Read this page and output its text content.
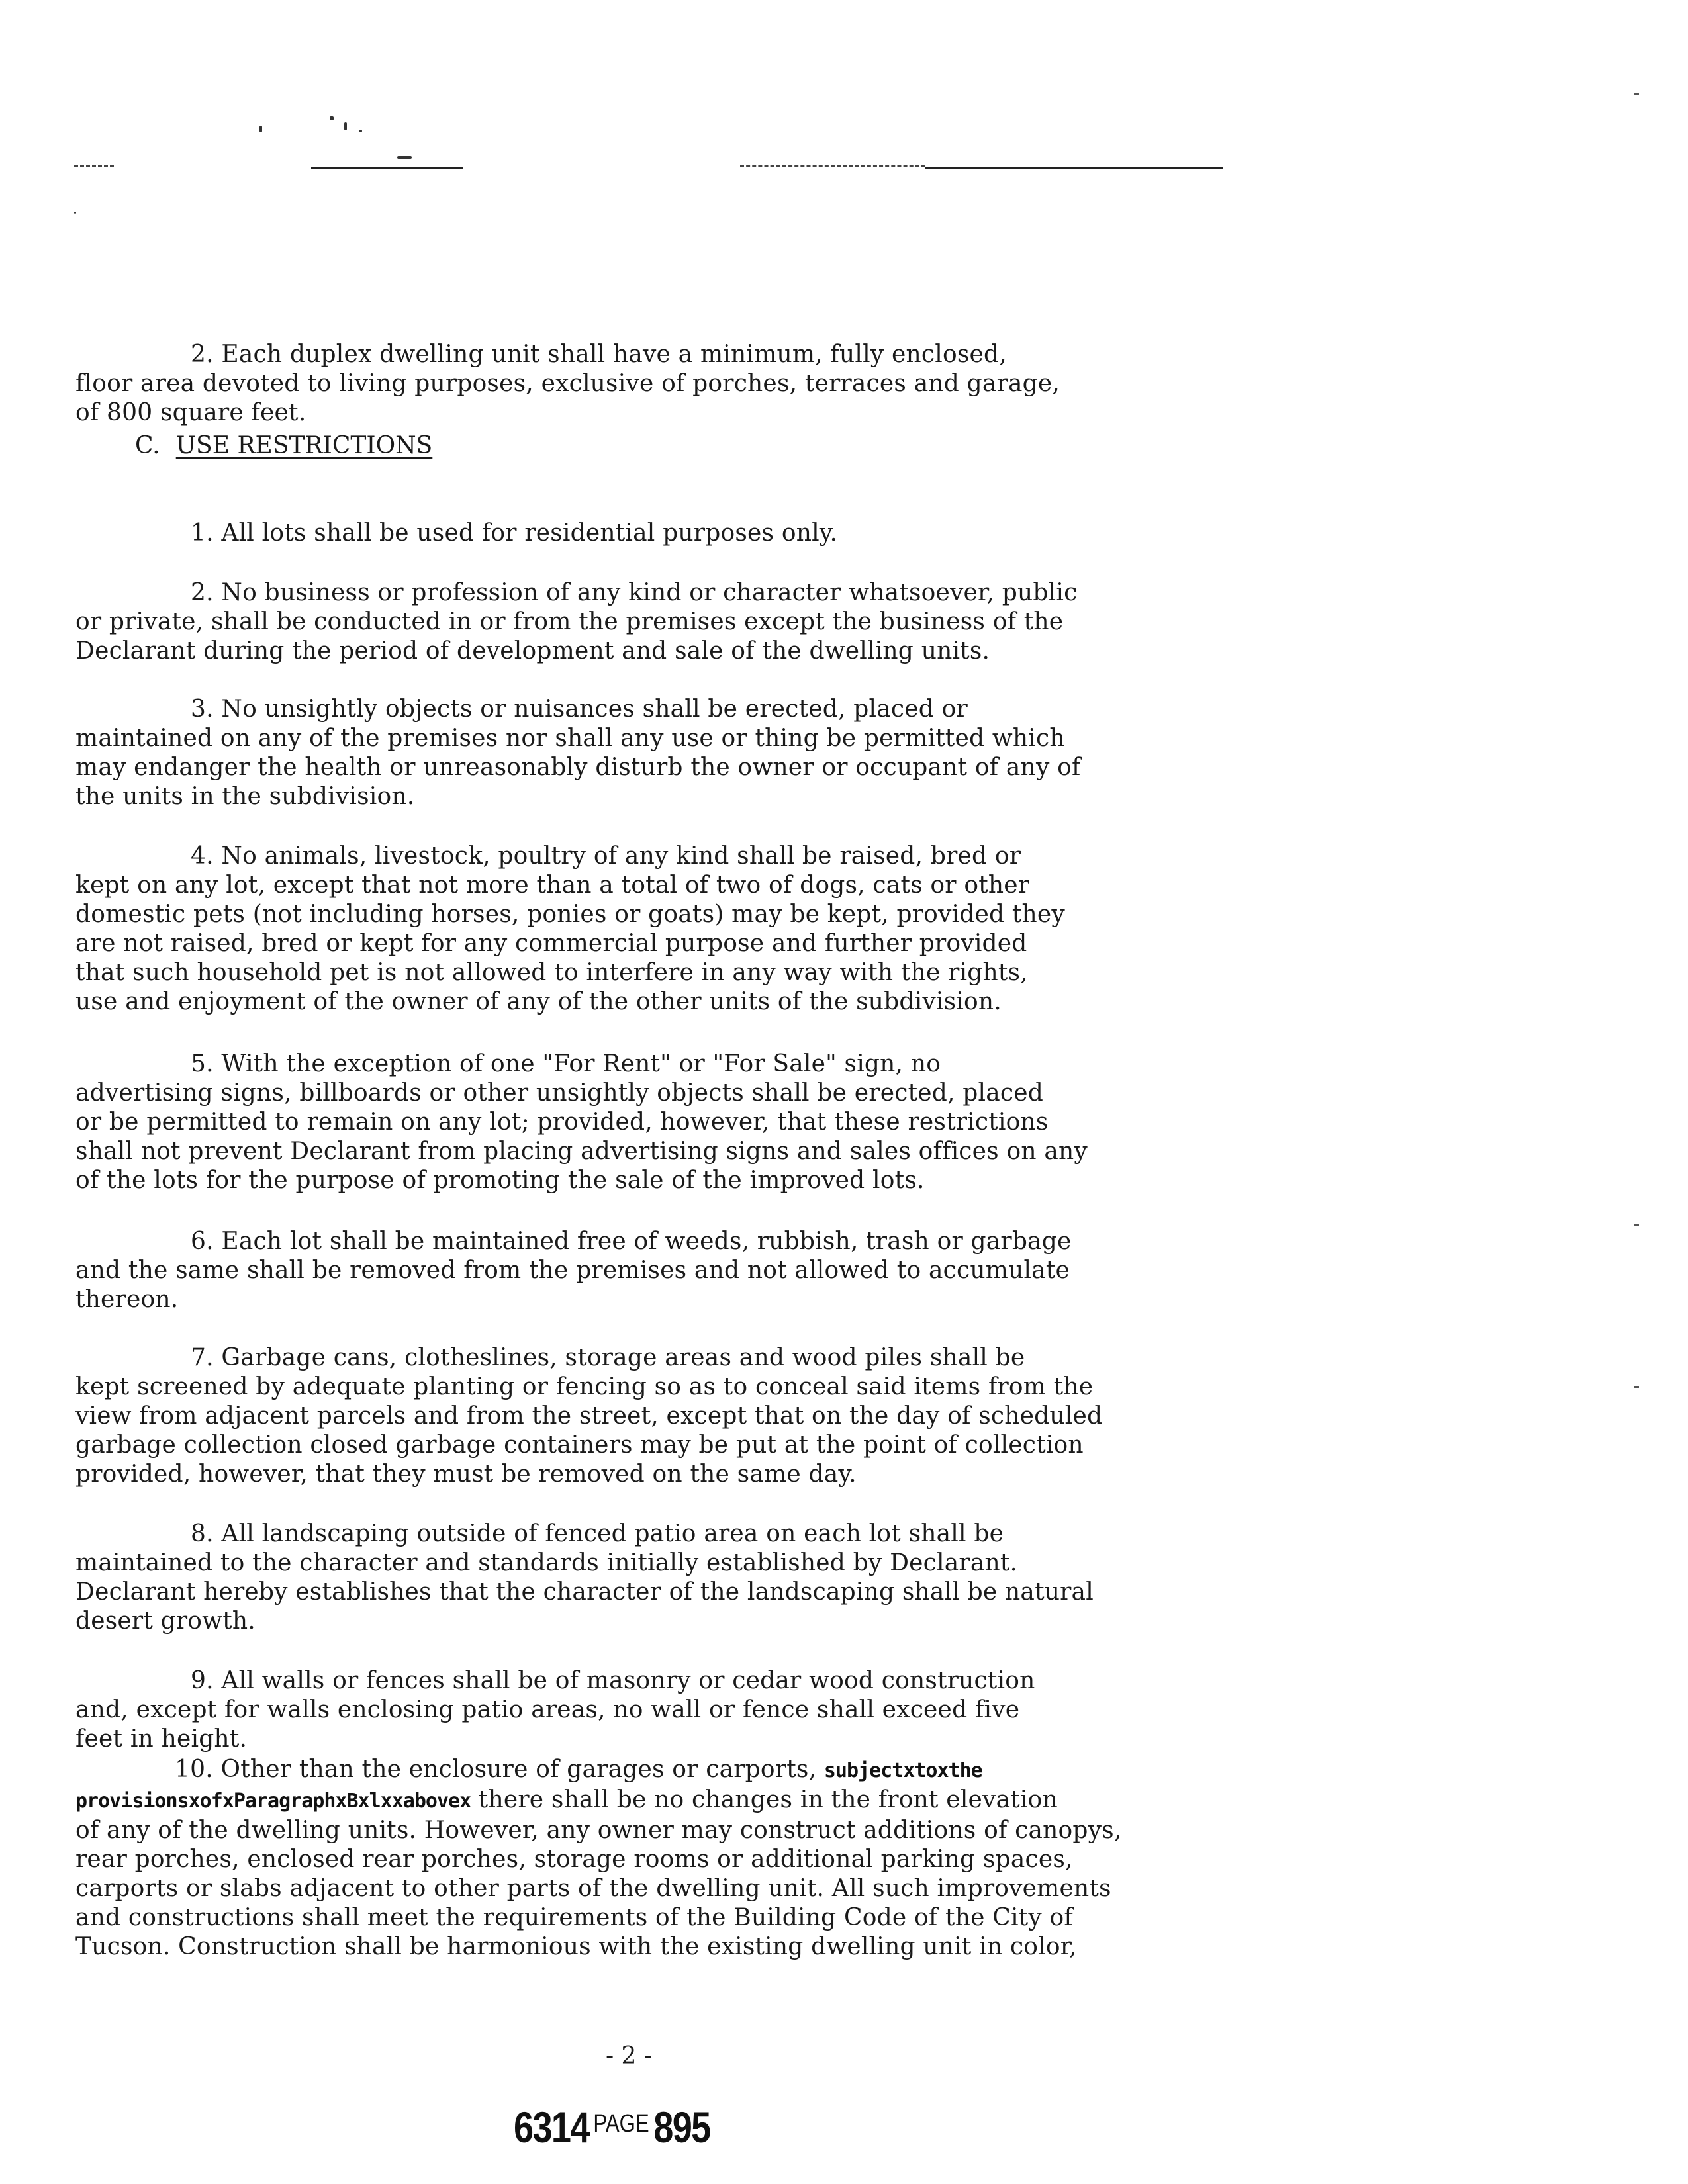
2. Each duplex dwelling unit shall have a minimum, fully enclosed,
floor area devoted to living purposes, exclusive of porches, terraces and garage,
of 800 square feet.

C. USE RESTRICTIONS

1. All lots shall be used for residential purposes only.

2. No business or profession of any kind or character whatsoever, public
or private, shall be conducted in or from the premises except the business of the
Declarant during the period of development and sale of the dwelling units.

3. No unsightly objects or nuisances shall be erected, placed or
maintained on any of the premises nor shall any use or thing be permitted which
may endanger the health or unreasonably disturb the owner or occupant of any of
the units in the subdivision.

4. No animals, livestock, poultry of any kind shall be raised, bred or
kept on any lot, except that not more than a total of two of dogs, cats or other
domestic pets (not including horses, ponies or goats) may be kept, provided they
are not raised, bred or kept for any commercial purpose and further provided
that such household pet is not allowed to interfere in any way with the rights,
use and enjoyment of the owner of any of the other units of the subdivision.

5. With the exception of one "For Rent" or "For Sale" sign, no
advertising signs, billboards or other unsightly objects shall be erected, placed
or be permitted to remain on any lot; provided, however, that these restrictions
shall not prevent Declarant from placing advertising signs and sales offices on any
of the lots for the purpose of promoting the sale of the improved lots.

6. Each lot shall be maintained free of weeds, rubbish, trash or garbage
and the same shall be removed from the premises and not allowed to accumulate
thereon.

7. Garbage cans, clotheslines, storage areas and wood piles shall be
kept screened by adequate planting or fencing so as to conceal said items from the
view from adjacent parcels and from the street, except that on the day of scheduled
garbage collection closed garbage containers may be put at the point of collection
provided, however, that they must be removed on the same day.

8. All landscaping outside of fenced patio area on each lot shall be
maintained to the character and standards initially established by Declarant.
Declarant hereby establishes that the character of the landscaping shall be natural
desert growth.

9. All walls or fences shall be of masonry or cedar wood construction
and, except for walls enclosing patio areas, no wall or fence shall exceed five
feet in height.

10. Other than the enclosure of garages or carports, subjectxtoxthe
provisionsxofxParagraphxBxlxxabovex there shall be no changes in the front elevation
of any of the dwelling units. However, any owner may construct additions of canopys,
rear porches, enclosed rear porches, storage rooms or additional parking spaces,
carports or slabs adjacent to other parts of the dwelling unit. All such improvements
and constructions shall meet the requirements of the Building Code of the City of
Tucson. Construction shall be harmonious with the existing dwelling unit in color,
- 2 -
6314 $^{PAGE}$895
